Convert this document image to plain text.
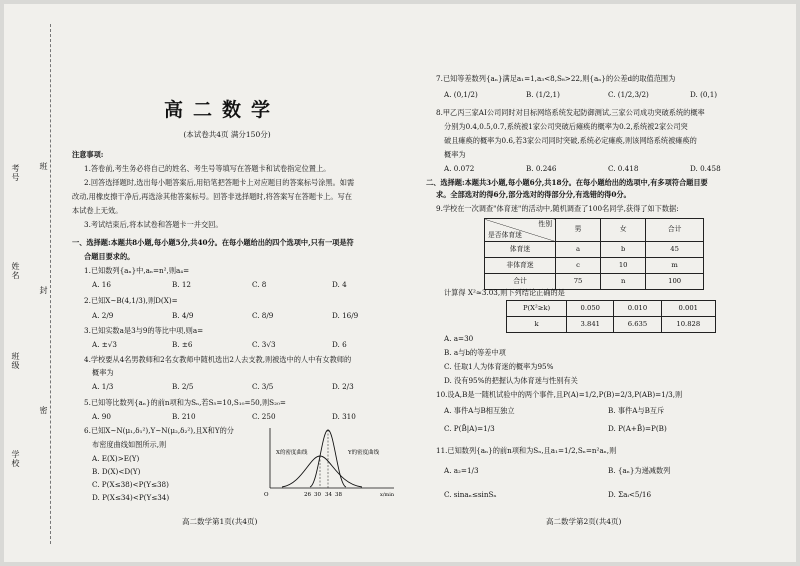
考号 班
姓名
封
班级
密
学校
高二数学
(本试卷共4页 满分150分)
注意事项:
1.答卷前,考生务必将自己的姓名、考生号等填写在答题卡和试卷指定位置上。
2.回答选择题时,选出每小题答案后,用铅笔把答题卡上对应题目的答案标号涂黑。如需
改动,用橡皮擦干净后,再选涂其他答案标号。回答非选择题时,将答案写在答题卡上。写在
本试卷上无效。
3.考试结束后,将本试卷和答题卡一并交回。
一、选择题:本题共8小题,每小题5分,共40分。在每小题给出的四个选项中,只有一项是符
合题目要求的。
1.已知数列{aₙ}中,aₙ=n²,则a₄=
A. 16	B. 12	C. 8	D. 4
2.已知X~B(4,1/3),则D(X)=
A. 2/9	B. 4/9	C. 8/9	D. 16/9
3.已知实数a是3与9的等比中项,则a=
A. ±√3	B. ±6	C. 3√3	D. 6
4.学校要从4名男教师和2名女教师中随机选出2人去支教,则被选中的人中有女教师的
概率为
A. 1/3	B. 2/5	C. 3/5	D. 2/3
5.已知等比数列{aₙ}的前n项和为Sₙ,若S₅=10,S₁₀=50,则S₂₀=
A. 90	B. 210	C. 250	D. 310
6.已知X~N(μ₁,δ₁²),Y~N(μ₂,δ₂²),且X和Y的分
布密度曲线如图所示,则
A. E(X)>E(Y)
B. D(X)<D(Y)
C. P(X≤38)<P(Y≤38)
D. P(X≤34)<P(Y≤34)
X的密度曲线	Y的密度曲线
26 30 34 38	x/min
O
高二数学第1页(共4页)
7.已知等差数列{aₙ}满足a₁=1,a₃<8,S₈>22,则{aₙ}的公差d的取值范围为
A. (0,1/2)	B. (1/2,1)	C. (1/2,3/2)	D. (0,1)
8.甲乙丙三家AI公司同时对目标网络系统发起防御测试,三家公司成功突破系统的概率
分别为0.4,0.5,0.7,系统被1家公司突破后瘫痪的概率为0.2,系统被2家公司突
破且瘫痪的概率为0.6,若3家公司同时突破,系统必定瘫痪,则该网络系统被瘫痪的
概率为
A. 0.072	B. 0.246	C. 0.418	D. 0.458
二、选择题:本题共3小题,每小题6分,共18分。在每小题给出的选项中,有多项符合题目要
求。全部选对的得6分,部分选对的得部分分,有选错的得0分。
9.学校在一次调查"体育迷"的活动中,随机调查了100名同学,获得了如下数据:
性别
是否体育迷	男	女	合计
体育迷	a	b	45
非体育迷	c	10	m
合计	75	n	100
计算得 X²≈3.03,则下列结论正确的是
P(X²≥k)	0.050	0.010	0.001
k	3.841	6.635	10.828
A. a=30
B. a与b的等差中项
C. 任取1人为体育迷的概率为95%
D. 没有95%的把握认为体育迷与性别有关
10.设A,B是一随机试验中的两个事件,且P(A)=1/2,P(B)=2/3,P(AB)=1/3,则
A. 事件A与B相互独立	B. 事件A与B互斥
C. P(B̄|A)=1/3	D. P(A+B̄)=P(B)
11.已知数列{aₙ}的前n项和为Sₙ,且a₁=1/2,Sₙ=n²aₙ,则
A. a₂=1/3	B. {aₙ}为递减数列
C. sinaₙ≤sinSₙ	D. Σaᵢ<5/16
高二数学第2页(共4页)
